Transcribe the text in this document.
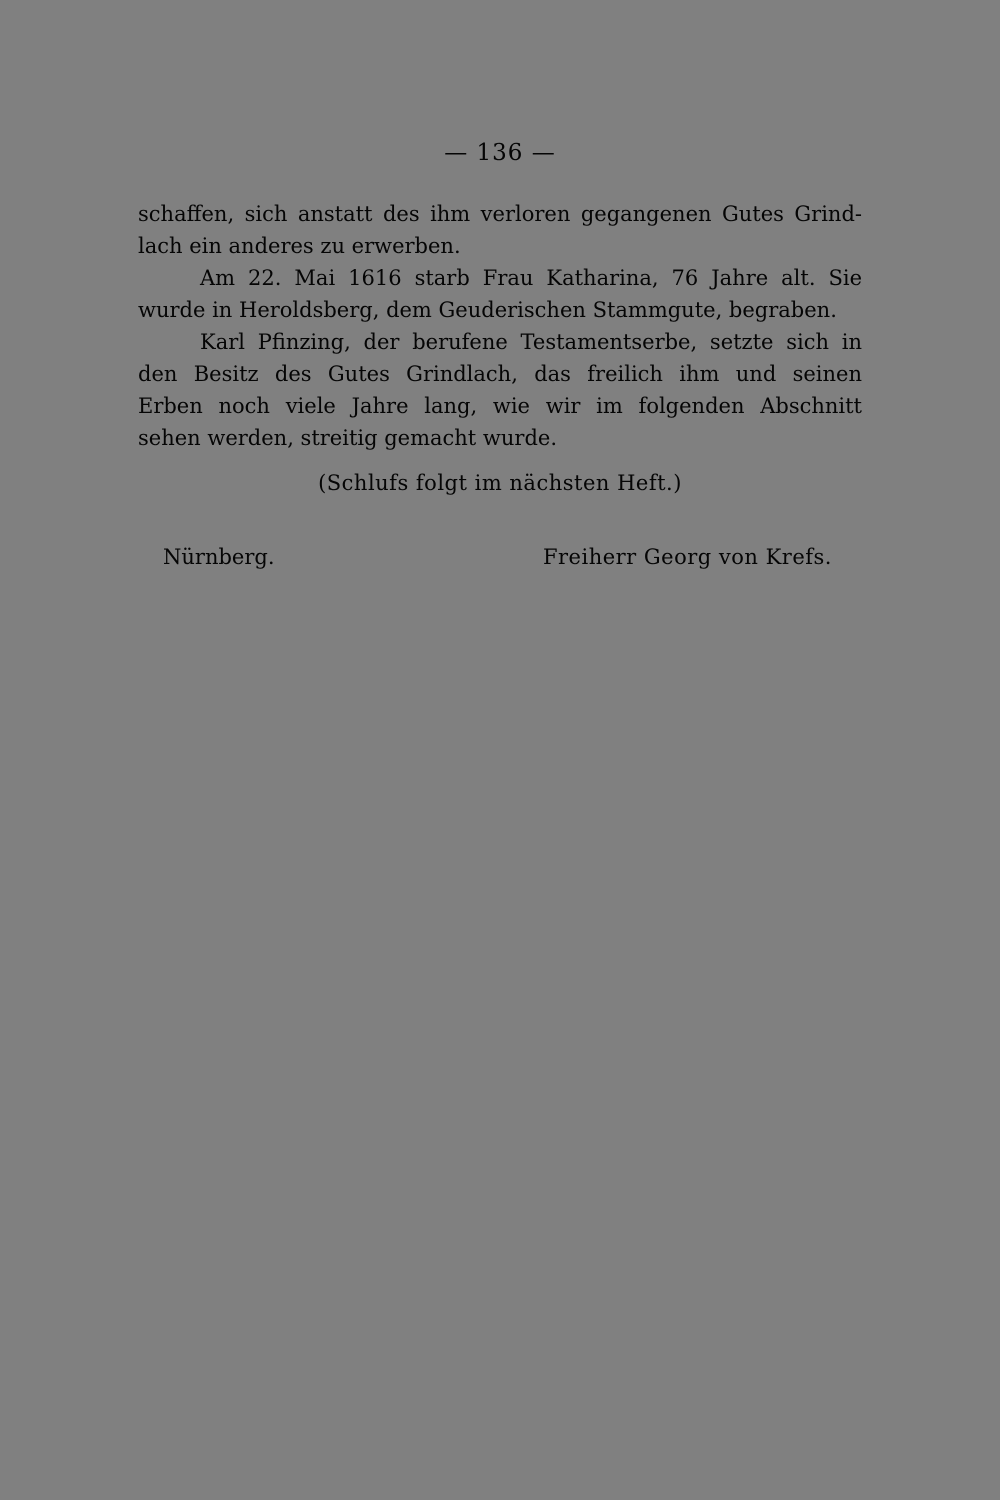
— 136 —
schaffen, sich anstatt des ihm verloren gegangenen Gutes Grind-
lach ein anderes zu erwerben.
Am 22. Mai 1616 starb Frau Katharina, 76 Jahre alt. Sie
wurde in Heroldsberg, dem Geuderischen Stammgute, begraben.
Karl Pfinzing, der berufene Testamentserbe, setzte sich in
den Besitz des Gutes Grindlach, das freilich ihm und seinen
Erben noch viele Jahre lang, wie wir im folgenden Abschnitt
sehen werden, streitig gemacht wurde.
(Schlufs folgt im nächsten Heft.)
Nürnberg.	Freiherr Georg von Krefs.
